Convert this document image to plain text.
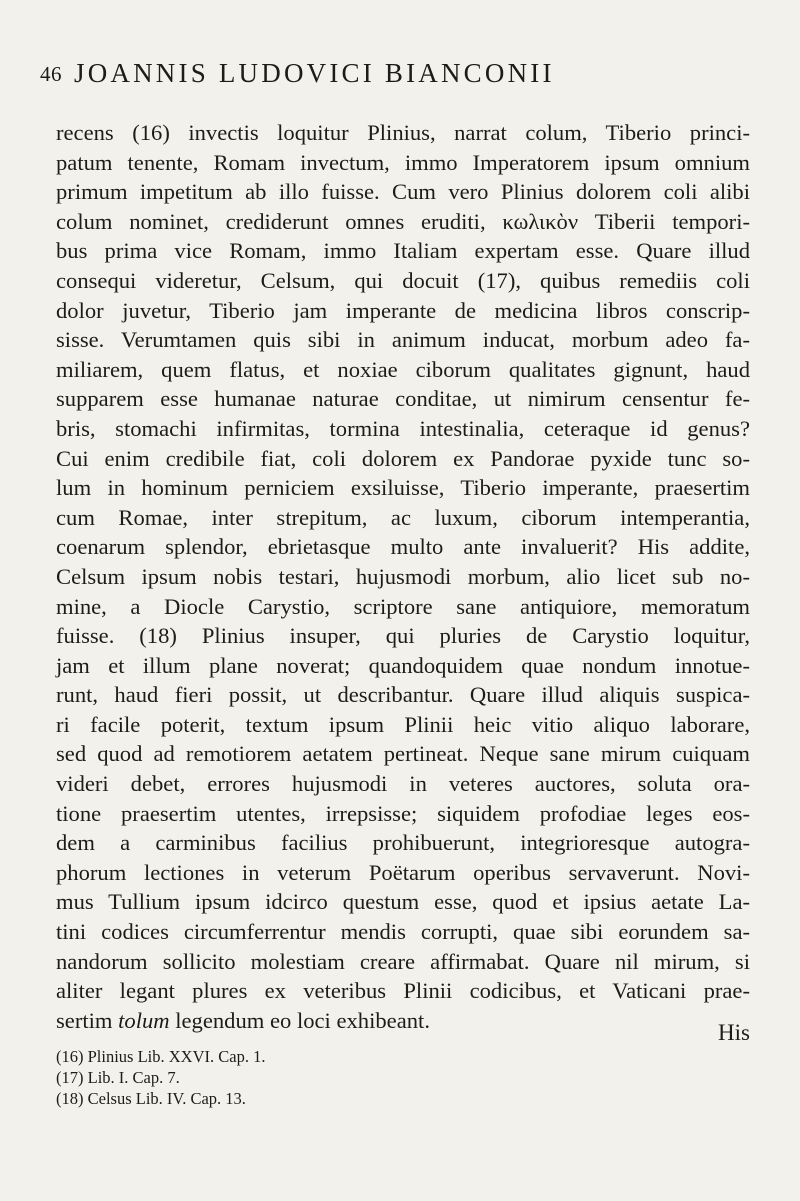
46 JOANNIS LUDOVICI BIANCONII
recens (16) invectis loquitur Plinius, narrat colum, Tiberio princi-
patum tenente, Romam invectum, immo Imperatorem ipsum omnium
primum impetitum ab illo fuisse. Cum vero Plinius dolorem coli alibi
colum nominet, crediderunt omnes eruditi, κωλικὸν Tiberii tempori-
bus prima vice Romam, immo Italiam expertam esse. Quare illud
consequi videretur, Celsum, qui docuit (17), quibus remediis coli
dolor juvetur, Tiberio jam imperante de medicina libros conscrip-
sisse. Verumtamen quis sibi in animum inducat, morbum adeo fa-
miliarem, quem flatus, et noxiae ciborum qualitates gignunt, haud
supparem esse humanae naturae conditae, ut nimirum censentur fe-
bris, stomachi infirmitas, tormina intestinalia, ceteraque id genus?
Cui enim credibile fiat, coli dolorem ex Pandorae pyxide tunc so-
lum in hominum perniciem exsiluisse, Tiberio imperante, praesertim
cum Romae, inter strepitum, ac luxum, ciborum intemperantia,
coenarum splendor, ebrietasque multo ante invaluerit? His addite,
Celsum ipsum nobis testari, hujusmodi morbum, alio licet sub no-
mine, a Diocle Carystio, scriptore sane antiquiore, memoratum
fuisse. (18) Plinius insuper, qui pluries de Carystio loquitur,
jam et illum plane noverat; quandoquidem quae nondum innotue-
runt, haud fieri possit, ut describantur. Quare illud aliquis suspica-
ri facile poterit, textum ipsum Plinii heic vitio aliquo laborare,
sed quod ad remotiorem aetatem pertineat. Neque sane mirum cuiquam
videri debet, errores hujusmodi in veteres auctores, soluta ora-
tione praesertim utentes, irrepsisse; siquidem profodiae leges eos-
dem a carminibus facilius prohibuerunt, integrioresque autogra-
phorum lectiones in veterum Poëtarum operibus servaverunt. Novi-
mus Tullium ipsum idcirco questum esse, quod et ipsius aetate La-
tini codices circumferrentur mendis corrupti, quae sibi eorundem sa-
nandorum sollicito molestiam creare affirmabat. Quare nil mirum, si
aliter legant plures ex veteribus Plinii codicibus, et Vaticani prae-
sertim tolum legendum eo loci exhibeant.	His
(16) Plinius Lib. XXVI. Cap. 1.
(17) Lib. I. Cap. 7.
(18) Celsus Lib. IV. Cap. 13.
